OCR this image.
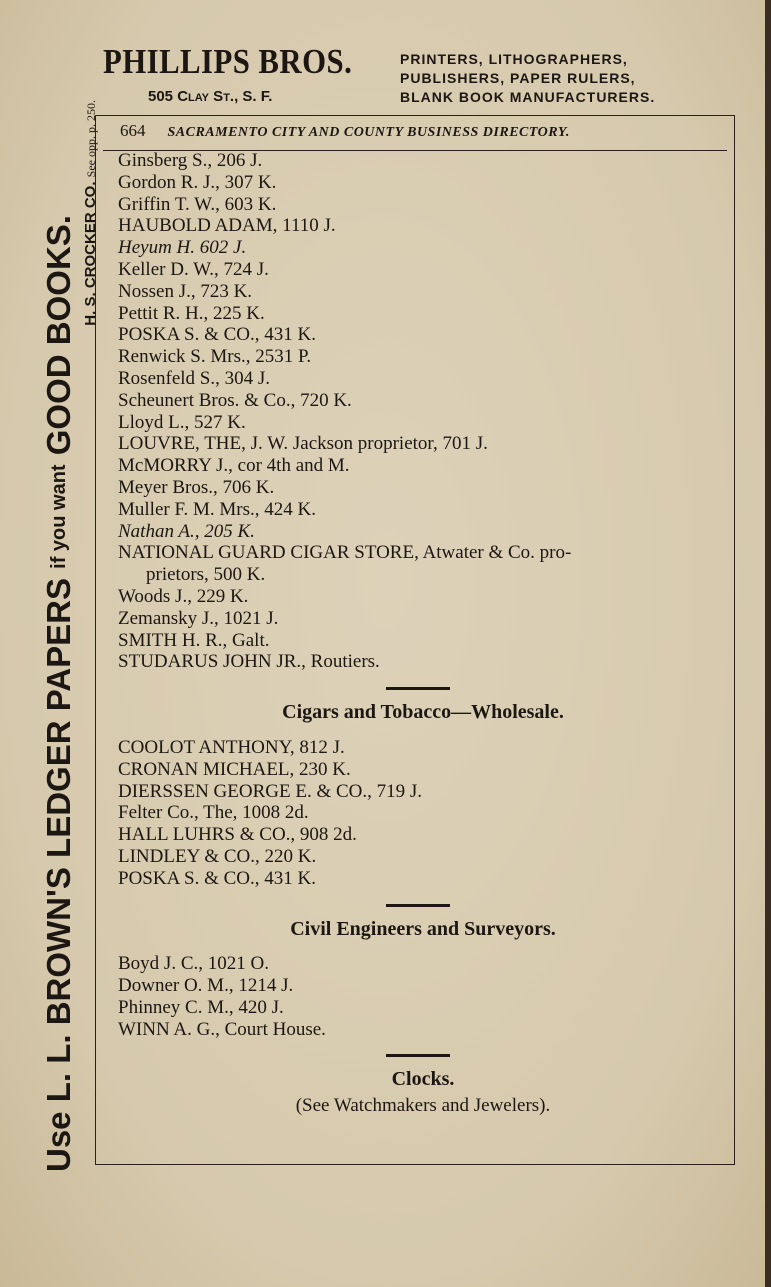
PHILLIPS BROS.
505 Clay St., S. F.
PRINTERS, LITHOGRAPHERS,
PUBLISHERS, PAPER RULERS,
BLANK BOOK MANUFACTURERS.
Use L. L. BROWN'S LEDGER PAPERS if you want GOOD BOOKS. H. S. CROCKER CO. See opp. p. 250. 664 SACRAMENTO CITY AND COUNTY BUSINESS DIRECTORY.
Ginsberg S., 206 J.
Gordon R. J., 307 K.
Griffin T. W., 603 K.
HAUBOLD ADAM, 1110 J.
Heyum H. 602 J.
Keller D. W., 724 J.
Nossen J., 723 K.
Pettit R. H., 225 K.
POSKA S. & CO., 431 K.
Renwick S. Mrs., 2531 P.
Rosenfeld S., 304 J.
Scheunert Bros. & Co., 720 K.
Lloyd L., 527 K.
LOUVRE, THE, J. W. Jackson proprietor, 701 J.
McMORRY J., cor 4th and M.
Meyer Bros., 706 K.
Muller F. M. Mrs., 424 K.
Nathan A., 205 K.
NATIONAL GUARD CIGAR STORE, Atwater & Co. pro-
prietors, 500 K.
Woods J., 229 K.
Zemansky J., 1021 J.
SMITH H. R., Galt.
STUDARUS JOHN JR., Routiers.
Cigars and Tobacco—Wholesale.
COOLOT ANTHONY, 812 J.
CRONAN MICHAEL, 230 K.
DIERSSEN GEORGE E. & CO., 719 J.
Felter Co., The, 1008 2d.
HALL LUHRS & CO., 908 2d.
LINDLEY & CO., 220 K.
POSKA S. & CO., 431 K.
Civil Engineers and Surveyors.
Boyd J. C., 1021 O.
Downer O. M., 1214 J.
Phinney C. M., 420 J.
WINN A. G., Court House.
Clocks.
(See Watchmakers and Jewelers).
